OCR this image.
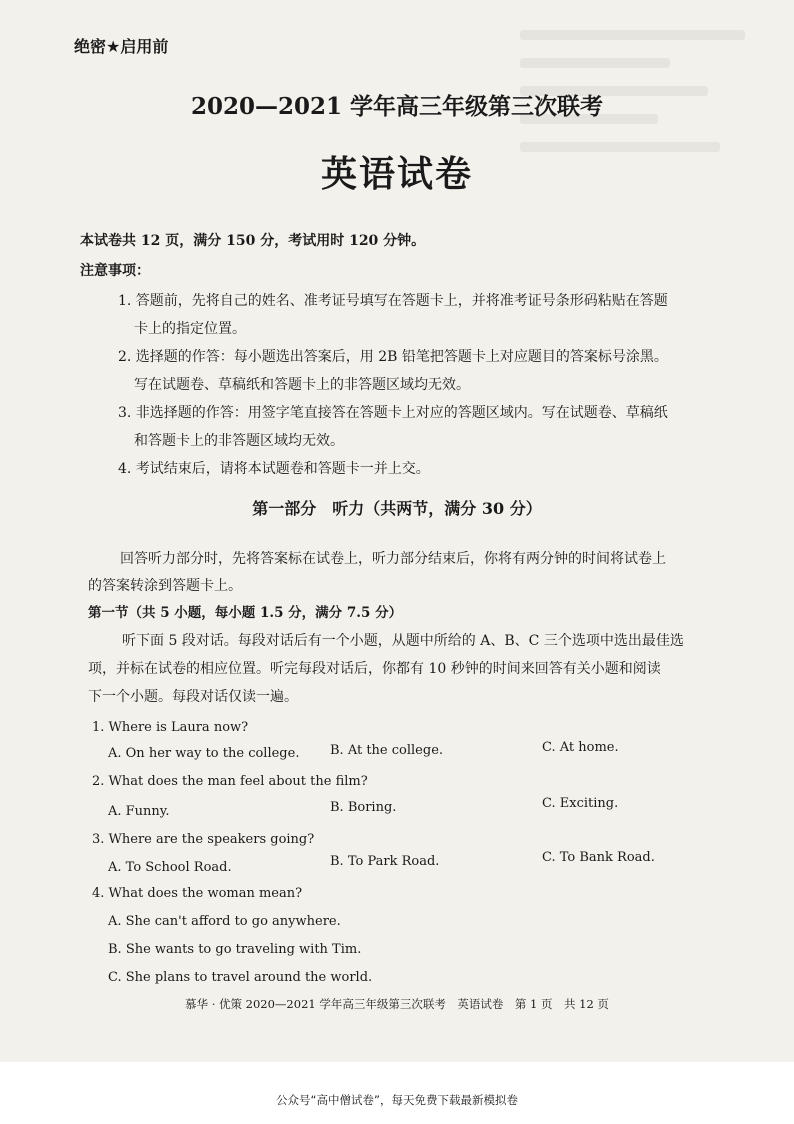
绝密★启用前
2020—2021 学年高三年级第三次联考
英语试卷
本试卷共 12 页，满分 150 分，考试用时 120 分钟。
注意事项：
1. 答题前，先将自己的姓名、准考证号填写在答题卡上，并将准考证号条形码粘贴在答题
卡上的指定位置。
2. 选择题的作答：每小题选出答案后，用 2B 铅笔把答题卡上对应题目的答案标号涂黑。
写在试题卷、草稿纸和答题卡上的非答题区域均无效。
3. 非选择题的作答：用签字笔直接答在答题卡上对应的答题区域内。写在试题卷、草稿纸
和答题卡上的非答题区域均无效。
4. 考试结束后，请将本试题卷和答题卡一并上交。
第一部分　听力（共两节，满分 30 分）
回答听力部分时，先将答案标在试卷上，听力部分结束后，你将有两分钟的时间将试卷上
的答案转涂到答题卡上。
第一节（共 5 小题，每小题 1.5 分，满分 7.5 分）
听下面 5 段对话。每段对话后有一个小题，从题中所给的 A、B、C 三个选项中选出最佳选
项，并标在试卷的相应位置。听完每段对话后，你都有 10 秒钟的时间来回答有关小题和阅读
下一个小题。每段对话仅读一遍。
1. Where is Laura now?
A. On her way to the college. B. At the college.	C. At home.
2. What does the man feel about the film?
A. Funny.	B. Boring.	C. Exciting.
3. Where are the speakers going?
A. To School Road.	B. To Park Road.	C. To Bank Road.
4. What does the woman mean?
A. She can't afford to go anywhere.
B. She wants to go traveling with Tim.
C. She plans to travel around the world.
慕华 · 优策 2020—2021 学年高三年级第三次联考　英语试卷　第 1 页　共 12 页
公众号“高中僧试卷”，每天免费下载最新模拟卷
